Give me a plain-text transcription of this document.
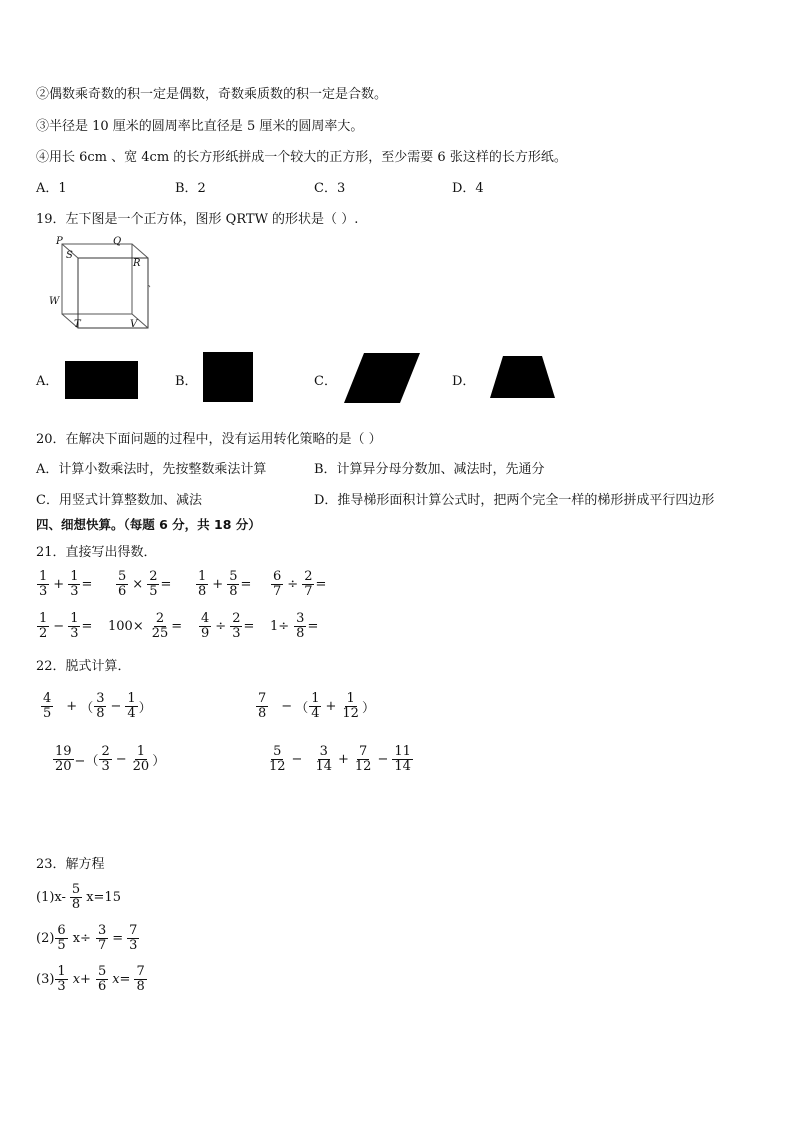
②偶数乘奇数的积一定是偶数，奇数乘质数的积一定是合数。
③半径是 10 厘米的圆周率比直径是 5 厘米的圆周率大。
④用长 6cm 、宽 4cm 的长方形纸拼成一个较大的正方形，至少需要 6 张这样的长方形纸。
A．1	B．2	C．3	D．4
19．左下图是一个正方体，图形 QRTW 的形状是（ ）.
P	Q
S
R
W
T	V
、
A．	B．	C．	D．
20．在解决下面问题的过程中，没有运用转化策略的是（ ）
A．计算小数乘法时，先按整数乘法计算	B．计算异分母分数加、减法时，先通分
C．用竖式计算整数加、减法	D．推导梯形面积计算公式时，把两个完全一样的梯形拼成平行四边形
四、细想快算。（每题 6 分，共 18 分）
21．直接写出得数．
$\frac{1}{3} + \frac{1}{3} = \frac{5}{6} \times \frac{2}{5} = \frac{1}{8} + \frac{5}{8} = \frac{6}{7} \div \frac{2}{7}$ =
$\frac{1}{2} - \frac{1}{3} = 100\times \frac{2}{25} = \frac{4}{9} \div \frac{2}{3} = 1\div \frac{3}{8}$ =
22．脱式计算．
$\frac{4}{5}$ + （ $\frac{3}{8} - \frac{1}{4}$ ）	$\frac{7}{8}$ − （ $\frac{1}{4} + \frac{1}{12}$ ）
$\frac{19}{20}$ −（ $\frac{2}{3} - \frac{1}{20}$ ）	$\frac{5}{12} - \frac{3}{14} + \frac{7}{12} - \frac{11}{14}$
23．解方程
$(1)x- \frac{5}{8} x=15$
$(2) \frac{6}{5} x\div \frac{3}{7} = \frac{7}{3}$
$(3) \frac{1}{3} x+ \frac{5}{6} x= \frac{7}{8}$
